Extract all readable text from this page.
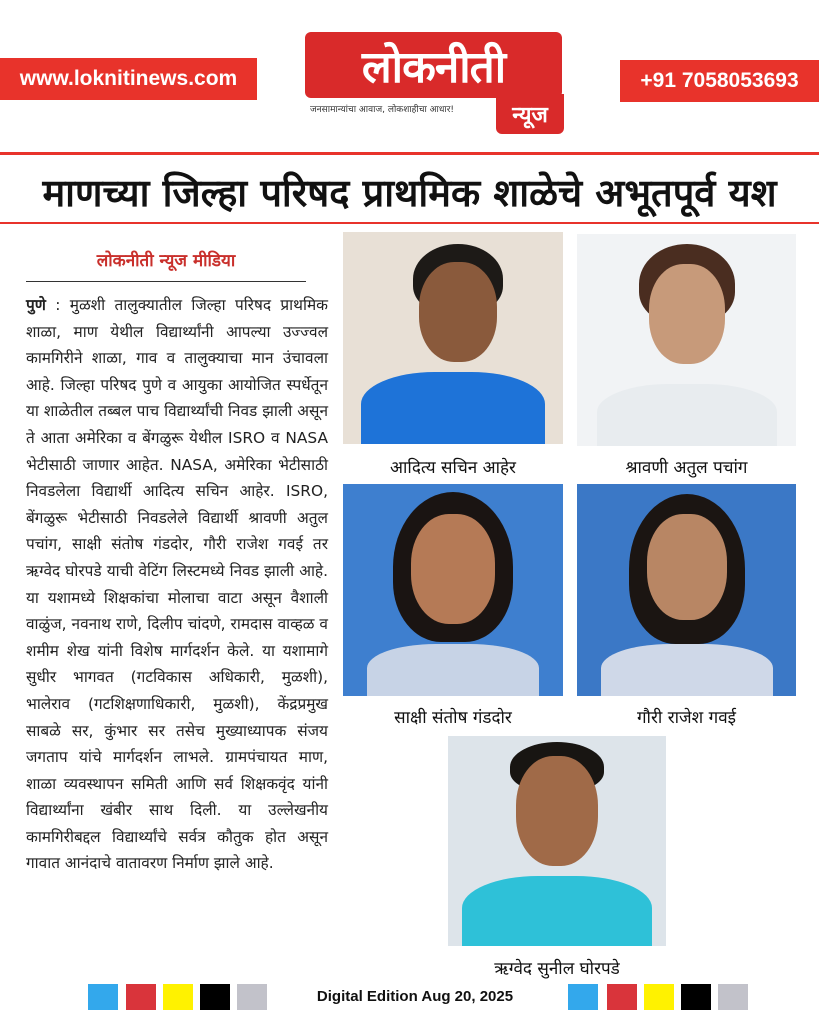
www.loknitinews.com	लोकनीती
जनसामान्यांचा आवाज, लोकशाहीचा आधार!	न्यूज
+91 7058053693
माणच्या जिल्हा परिषद प्राथमिक शाळेचे अभूतपूर्व यश
लोकनीती न्यूज मीडिया

पुणे : मुळशी तालुक्यातील जिल्हा परिषद प्राथमिक शाळा, माण येथील विद्यार्थ्यांनी आपल्या उज्ज्वल कामगिरीने शाळा, गाव व तालुक्याचा मान उंचावला आहे. जिल्हा परिषद पुणे व आयुका आयोजित स्पर्धेतून या शाळेतील तब्बल पाच विद्यार्थ्यांची निवड झाली असून ते आता अमेरिका व बेंगळुरू येथील ISRO व NASA भेटीसाठी जाणार आहेत. NASA, अमेरिका भेटीसाठी निवडलेला विद्यार्थी आदित्य सचिन आहेर. ISRO, बेंगळुरू भेटीसाठी निवडलेले विद्यार्थी श्रावणी अतुल पचांग, साक्षी संतोष गंडदोर, गौरी राजेश गवई तर ऋग्वेद घोरपडे याची वेटिंग लिस्टमध्ये निवड झाली आहे. या यशामध्ये शिक्षकांचा मोलाचा वाटा असून वैशाली वाळुंज, नवनाथ राणे, दिलीप चांदणे, रामदास वाव्हळ व शमीम शेख यांनी विशेष मार्गदर्शन केले. या यशामागे सुधीर भागवत (गटविकास अधिकारी, मुळशी), भालेराव (गटशिक्षणाधिकारी, मुळशी), केंद्रप्रमुख साबळे सर, कुंभार सर तसेच मुख्याध्यापक संजय जगताप यांचे मार्गदर्शन लाभले. ग्रामपंचायत माण, शाळा व्यवस्थापन समिती आणि सर्व शिक्षकवृंद यांनी विद्यार्थ्यांना खंबीर साथ दिली. या उल्लेखनीय कामगिरीबद्दल विद्यार्थ्यांचे सर्वत्र कौतुक होत असून गावात आनंदाचे वातावरण निर्माण झाले आहे.

आदित्य सचिन आहेर	श्रावणी अतुल पचांग
साक्षी संतोष गंडदोर	गौरी राजेश गवई
ऋग्वेद सुनील घोरपडे
Digital Edition Aug 20, 2025
